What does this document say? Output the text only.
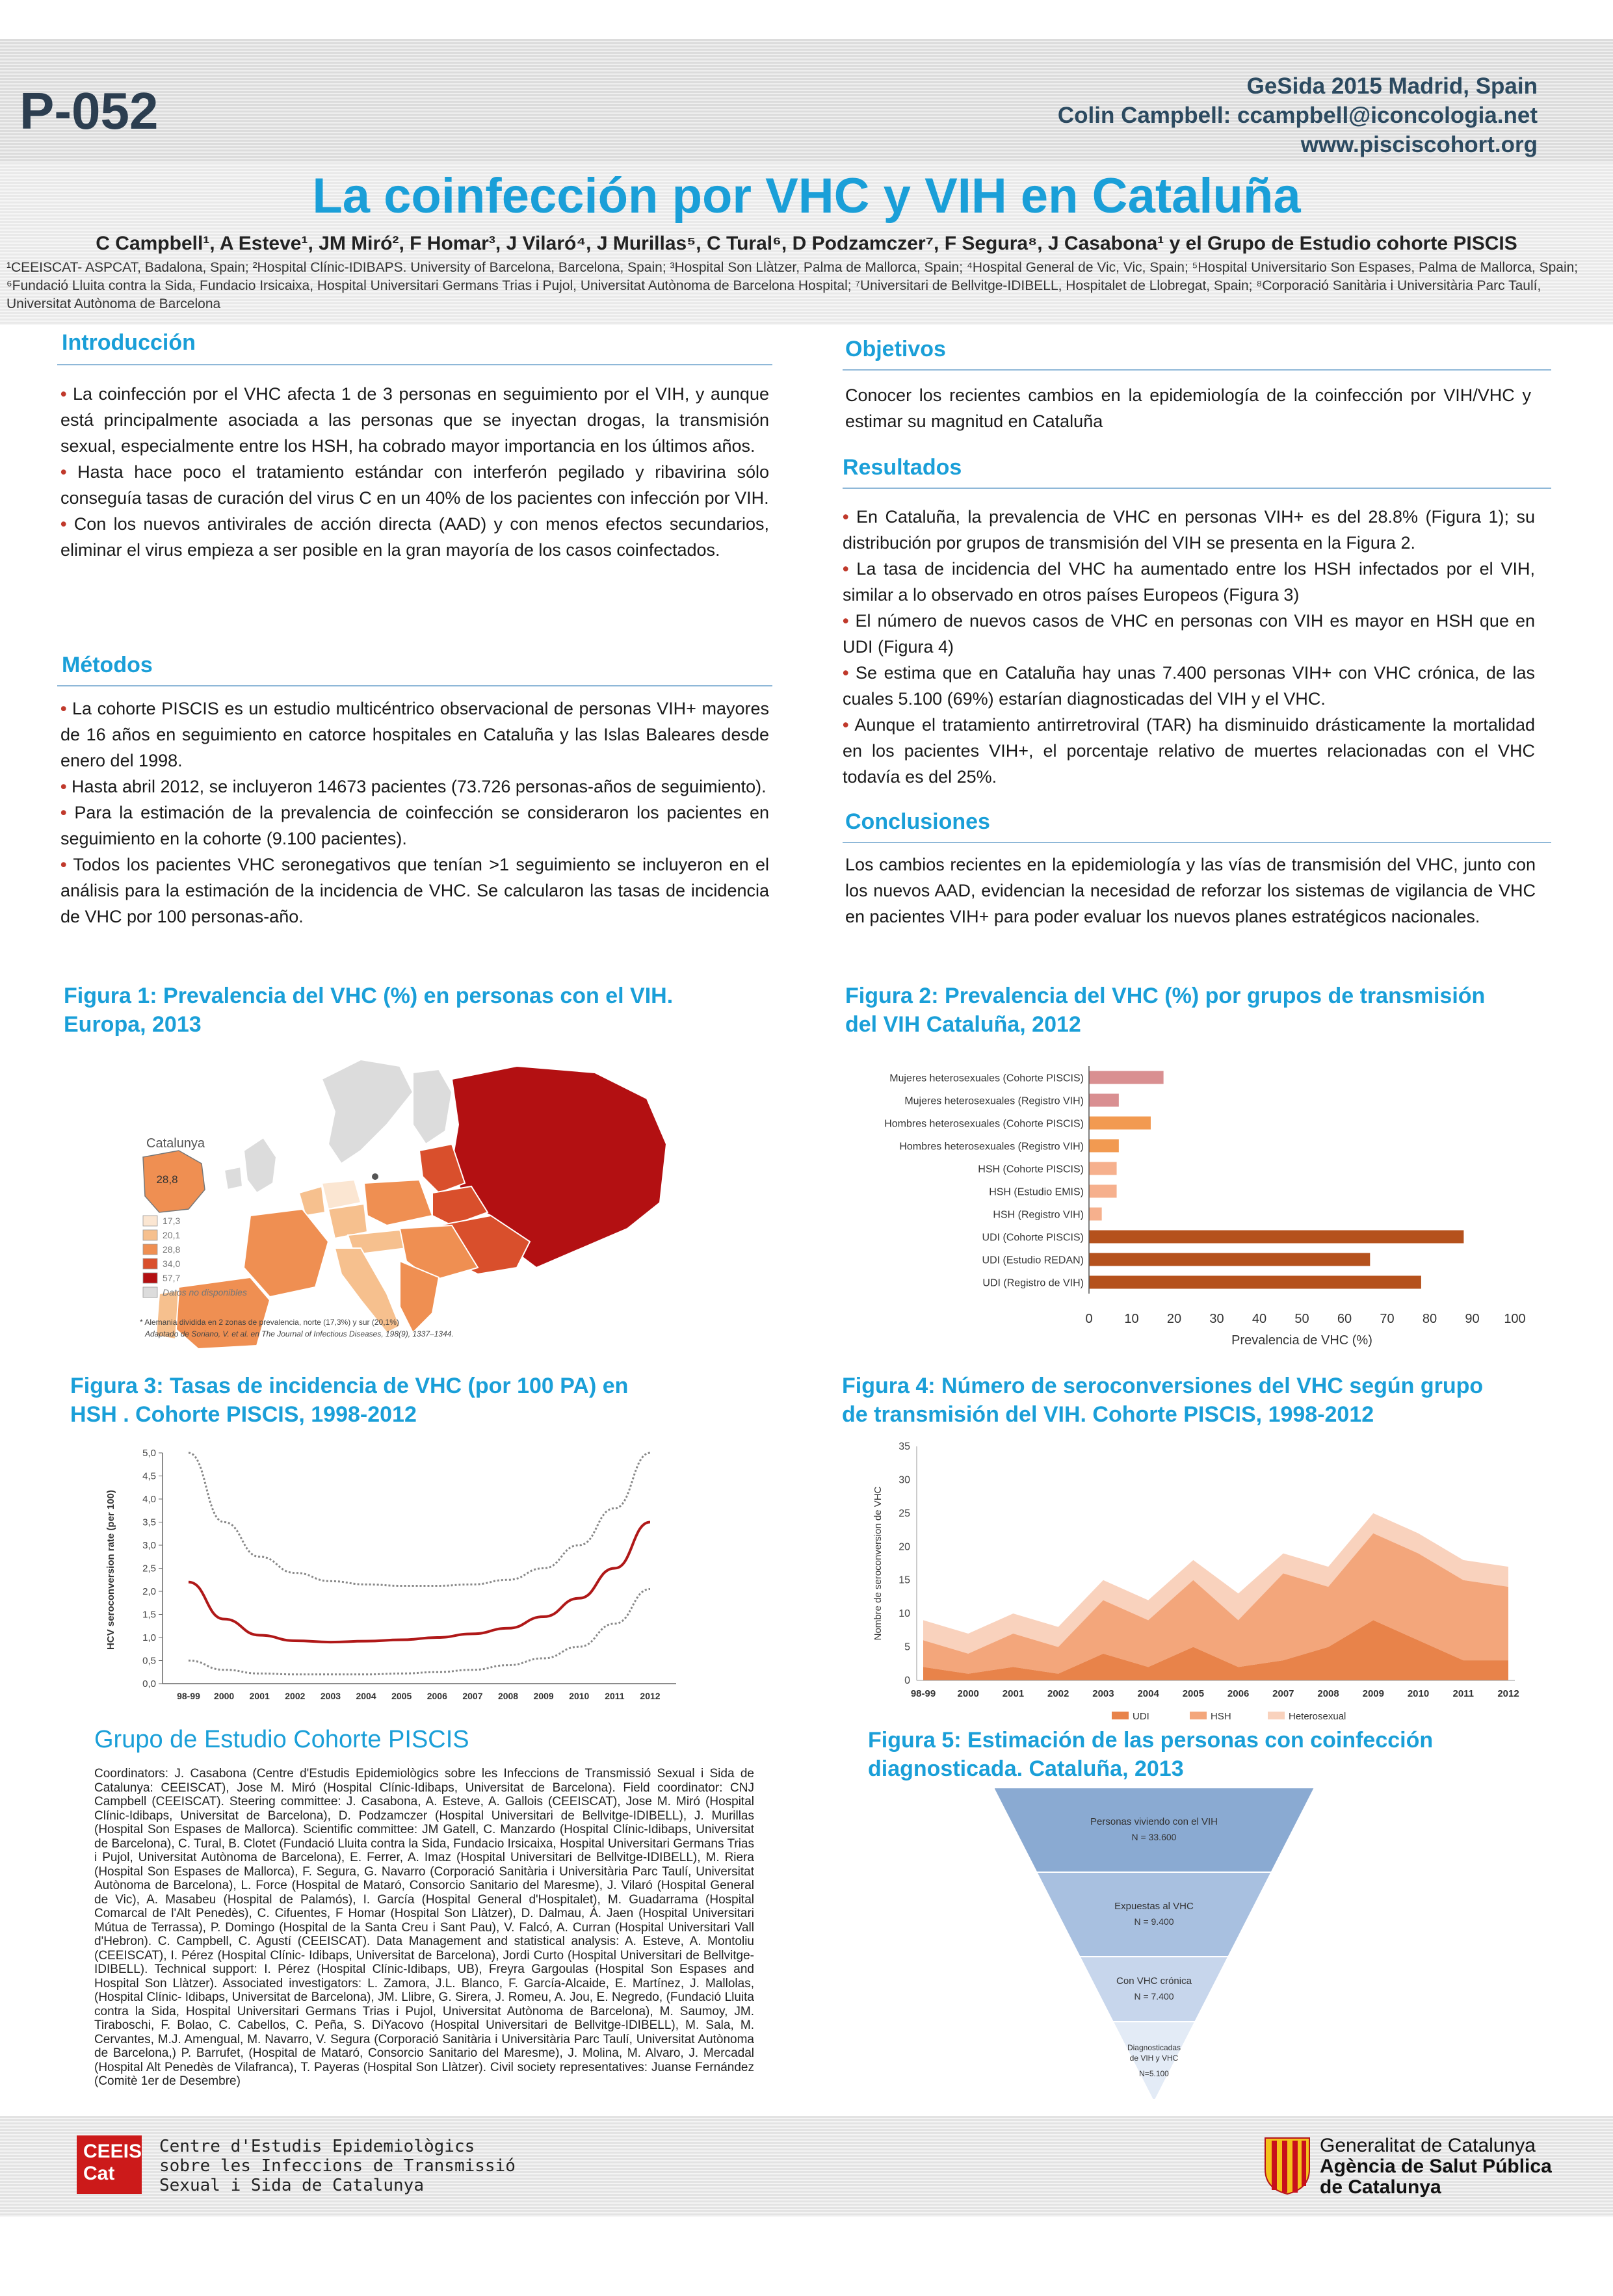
P-052	GeSida 2015 Madrid, Spain
Colin Campbell: ccampbell@iconcologia.net
www.pisciscohort.org
La coinfección por VHC y VIH en Cataluña
C Campbell¹, A Esteve¹, JM Miró², F Homar³, J Vilaró⁴, J Murillas⁵, C Tural⁶, D Podzamczer⁷, F Segura⁸, J Casabona¹ y el Grupo de Estudio cohorte PISCIS
¹CEEISCAT- ASPCAT, Badalona, Spain; ²Hospital Clínic-IDIBAPS. University of Barcelona, Barcelona, Spain; ³Hospital Son Llàtzer, Palma de Mallorca, Spain; ⁴Hospital General de Vic, Vic, Spain; ⁵Hospital Universitario Son Espases, Palma de Mallorca, Spain; ⁶Fundació Lluita contra la Sida, Fundacio Irsicaixa, Hospital Universitari Germans Trias i Pujol, Universitat Autònoma de Barcelona Hospital; ⁷Universitari de Bellvitge-IDIBELL, Hospitalet de Llobregat, Spain; ⁸Corporació Sanitària i Universitària Parc Taulí, Universitat Autònoma de Barcelona
Introducción

• La coinfección por el VHC afecta 1 de 3 personas en seguimiento por el VIH, y aunque está principalmente asociada a las personas que se inyectan drogas, la transmisión sexual, especialmente entre los HSH, ha cobrado mayor importancia en los últimos años.

• Hasta hace poco el tratamiento estándar con interferón pegilado y ribavirina sólo conseguía tasas de curación del virus C en un 40% de los pacientes con infección por VIH.

• Con los nuevos antivirales de acción directa (AAD) y con menos efectos secundarios, eliminar el virus empieza a ser posible en la gran mayoría de los casos coinfectados.

Métodos

• La cohorte PISCIS es un estudio multicéntrico observacional de personas VIH+ mayores de 16 años en seguimiento en catorce hospitales en Cataluña y las Islas Baleares desde enero del 1998.

• Hasta abril 2012, se incluyeron 14673 pacientes (73.726 personas-años de seguimiento).

• Para la estimación de la prevalencia de coinfección se consideraron los pacientes en seguimiento en la cohorte (9.100 pacientes).

• Todos los pacientes VHC seronegativos que tenían >1 seguimiento se incluyeron en el análisis para la estimación de la incidencia de VHC. Se calcularon las tasas de incidencia de VHC por 100 personas-año.

Objetivos
Conocer los recientes cambios en la epidemiología de la coinfección por VIH/VHC y estimar su magnitud en Cataluña
Resultados

• En Cataluña, la prevalencia de VHC en personas VIH+ es del 28.8% (Figura 1); su distribución por grupos de transmisión del VIH se presenta en la Figura 2.

• La tasa de incidencia del VHC ha aumentado entre los HSH infectados por el VIH, similar a lo observado en otros países Europeos (Figura 3)

• El número de nuevos casos de VHC en personas con VIH es mayor en HSH que en UDI (Figura 4)

• Se estima que en Cataluña hay unas 7.400 personas VIH+ con VHC crónica, de las cuales 5.100 (69%) estarían diagnosticadas del VIH y el VHC.

• Aunque el tratamiento antirretroviral (TAR) ha disminuido drásticamente la mortalidad en los pacientes VIH+, el porcentaje relativo de muertes relacionadas con el VHC todavía es del 25%.

Conclusiones
Los cambios recientes en la epidemiología y las vías de transmisión del VHC, junto con los nuevos AAD, evidencian la necesidad de reforzar los sistemas de vigilancia de VHC en pacientes VIH+ para poder evaluar los nuevos planes estratégicos nacionales.
Figura 1: Prevalencia del VHC (%) en personas con el VIH.
Europa, 2013
Catalunya
28,8
17,3
20,1
28,8
34,0
57,7
Datos no disponibles
* Alemania dividida en 2 zonas de prevalencia, norte (17,3%) y sur (20,1%)
Adaptado de Soriano, V. et al. en The Journal of Infectious Diseases, 198(9), 1337–1344.
Figura 2: Prevalencia del VHC (%) por grupos de transmisión
del VIH Cataluña, 2012
Mujeres heterosexuales (Cohorte PISCIS)
Mujeres heterosexuales (Registro VIH)
Hombres heterosexuales (Cohorte PISCIS)
Hombres heterosexuales (Registro VIH)
HSH (Cohorte PISCIS)
HSH (Estudio EMIS)
HSH (Registro VIH)
UDI (Cohorte PISCIS)
UDI (Estudio REDAN)
UDI (Registro de VIH)
0 10 20 30 40 50 60 70 80 90 100
Prevalencia de VHC (%)
Figura 3: Tasas de incidencia de VHC (por 100 PA) en
HSH . Cohorte PISCIS, 1998-2012
0,0
0,5
1,0
1,5
2,0
2,5
3,0
3,5
4,0
4,5
5,0
98-99 2000 2001 2002 2003 2004 2005 2006 2007 2008 2009 2010 2011 2012
HCV seroconversion rate (per 100)
Figura 4: Número de seroconversiones del VHC según grupo
de transmisión del VIH. Cohorte PISCIS, 1998-2012
0
5
10
15
20
25
30
35
98-99 2000 2001 2002 2003 2004 2005 2006 2007 2008 2009 2010 2011 2012
Nombre de seroconversion de VHC
UDI	HSH	Heterosexual
Figura 5: Estimación de las personas con coinfección
diagnosticada. Cataluña, 2013
Personas viviendo con el VIH
N = 33.600
Expuestas al VHC
N = 9.400
Con VHC crónica
N = 7.400
Diagnosticadas
de VIH y VHC
N=5.100
Grupo de Estudio Cohorte PISCIS
Coordinators: J. Casabona (Centre d'Estudis Epidemiològics sobre les Infeccions de Transmissió Sexual i Sida de Catalunya: CEEISCAT), Jose M. Miró (Hospital Clínic-Idibaps, Universitat de Barcelona). Field coordinator: CNJ Campbell (CEEISCAT). Steering committee: J. Casabona, A. Esteve, A. Gallois (CEEISCAT), Jose M. Miró (Hospital Clínic-Idibaps, Universitat de Barcelona), D. Podzamczer (Hospital Universitari de Bellvitge-IDIBELL), J. Murillas (Hospital Son Espases de Mallorca). Scientific committee: JM Gatell, C. Manzardo (Hospital Clínic-Idibaps, Universitat de Barcelona), C. Tural, B. Clotet (Fundació Lluita contra la Sida, Fundacio Irsicaixa, Hospital Universitari Germans Trias i Pujol, Universitat Autònoma de Barcelona), E. Ferrer, A. Imaz (Hospital Universitari de Bellvitge-IDIBELL), M. Riera (Hospital Son Espases de Mallorca), F. Segura, G. Navarro (Corporació Sanitària i Universitària Parc Taulí, Universitat Autònoma de Barcelona), L. Force (Hospital de Mataró, Consorcio Sanitario del Maresme), J. Vilaró (Hospital General de Vic), A. Masabeu (Hospital de Palamós), I. García (Hospital General d'Hospitalet), M. Guadarrama (Hospital Comarcal de l'Alt Penedès), C. Cifuentes, F Homar (Hospital Son Llàtzer), D. Dalmau, À. Jaen (Hospital Universitari Mútua de Terrassa), P. Domingo (Hospital de la Santa Creu i Sant Pau), V. Falcó, A. Curran (Hospital Universitari Vall d'Hebron). C. Campbell, C. Agustí (CEEISCAT). Data Management and statistical analysis: A. Esteve, A. Montoliu (CEEISCAT), I. Pérez (Hospital Clínic- Idibaps, Universitat de Barcelona), Jordi Curto (Hospital Universitari de Bellvitge-IDIBELL). Technical support: I. Pérez (Hospital Clínic-Idibaps, UB), Freyra Gargoulas (Hospital Son Espases and Hospital Son Llàtzer). Associated investigators: L. Zamora, J.L. Blanco, F. García-Alcaide, E. Martínez, J. Mallolas, (Hospital Clínic- Idibaps, Universitat de Barcelona), JM. Llibre, G. Sirera, J. Romeu, A. Jou, E. Negredo, (Fundació Lluita contra la Sida, Hospital Universitari Germans Trias i Pujol, Universitat Autònoma de Barcelona), M. Saumoy, JM. Tiraboschi, F. Bolao, C. Cabellos, C. Peña, S. DiYacovo (Hospital Universitari de Bellvitge-IDIBELL), M. Sala, M. Cervantes, M.J. Amengual, M. Navarro, V. Segura (Corporació Sanitària i Universitària Parc Taulí, Universitat Autònoma de Barcelona,) P. Barrufet, (Hospital de Mataró, Consorcio Sanitario del Maresme), J. Molina, M. Alvaro, J. Mercadal (Hospital Alt Penedès de Vilafranca), T. Payeras (Hospital Son Llàtzer). Civil society representatives: Juanse Fernández (Comitè 1er de Desembre)
CEEIS
Cat
Centre d'Estudis Epidemiològics
sobre les Infeccions de Transmissió
Sexual i Sida de Catalunya
Generalitat de Catalunya
Agència de Salut Pública
de Catalunya
